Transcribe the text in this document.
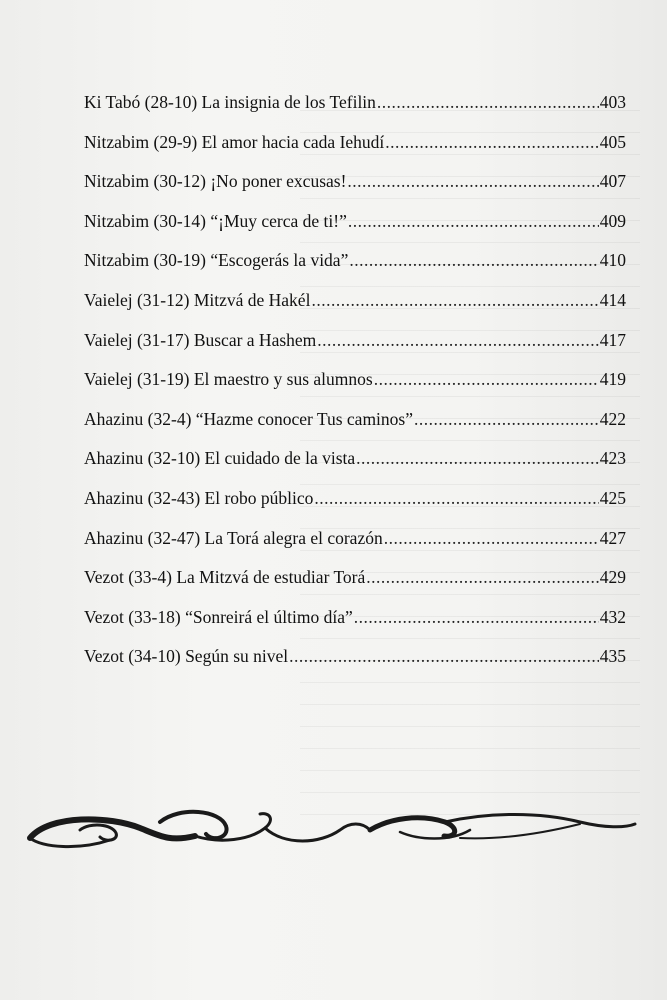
Ki Tabó (28-10) La insignia de los Tefilin .....	403
Nitzabim (29-9) El amor hacia cada Iehudí .....	405
Nitzabim (30-12) ¡No poner excusas! .....	407
Nitzabim (30-14) “¡Muy cerca de ti!” .....	409
Nitzabim (30-19) “Escogerás la vida” .....	410
Vaielej (31-12) Mitzvá de Hakél .....	414
Vaielej (31-17) Buscar a Hashem .....	417
Vaielej (31-19) El maestro y sus alumnos .....	419
Ahazinu (32-4) “Hazme conocer Tus caminos” .....	422
Ahazinu (32-10) El cuidado de la vista .....	423
Ahazinu (32-43) El robo público .....	425
Ahazinu (32-47) La Torá alegra el corazón .....	427
Vezot (33-4) La Mitzvá de estudiar Torá .....	429
Vezot (33-18) “Sonreirá el último día” .....	432
Vezot (34-10) Según su nivel .....	435
